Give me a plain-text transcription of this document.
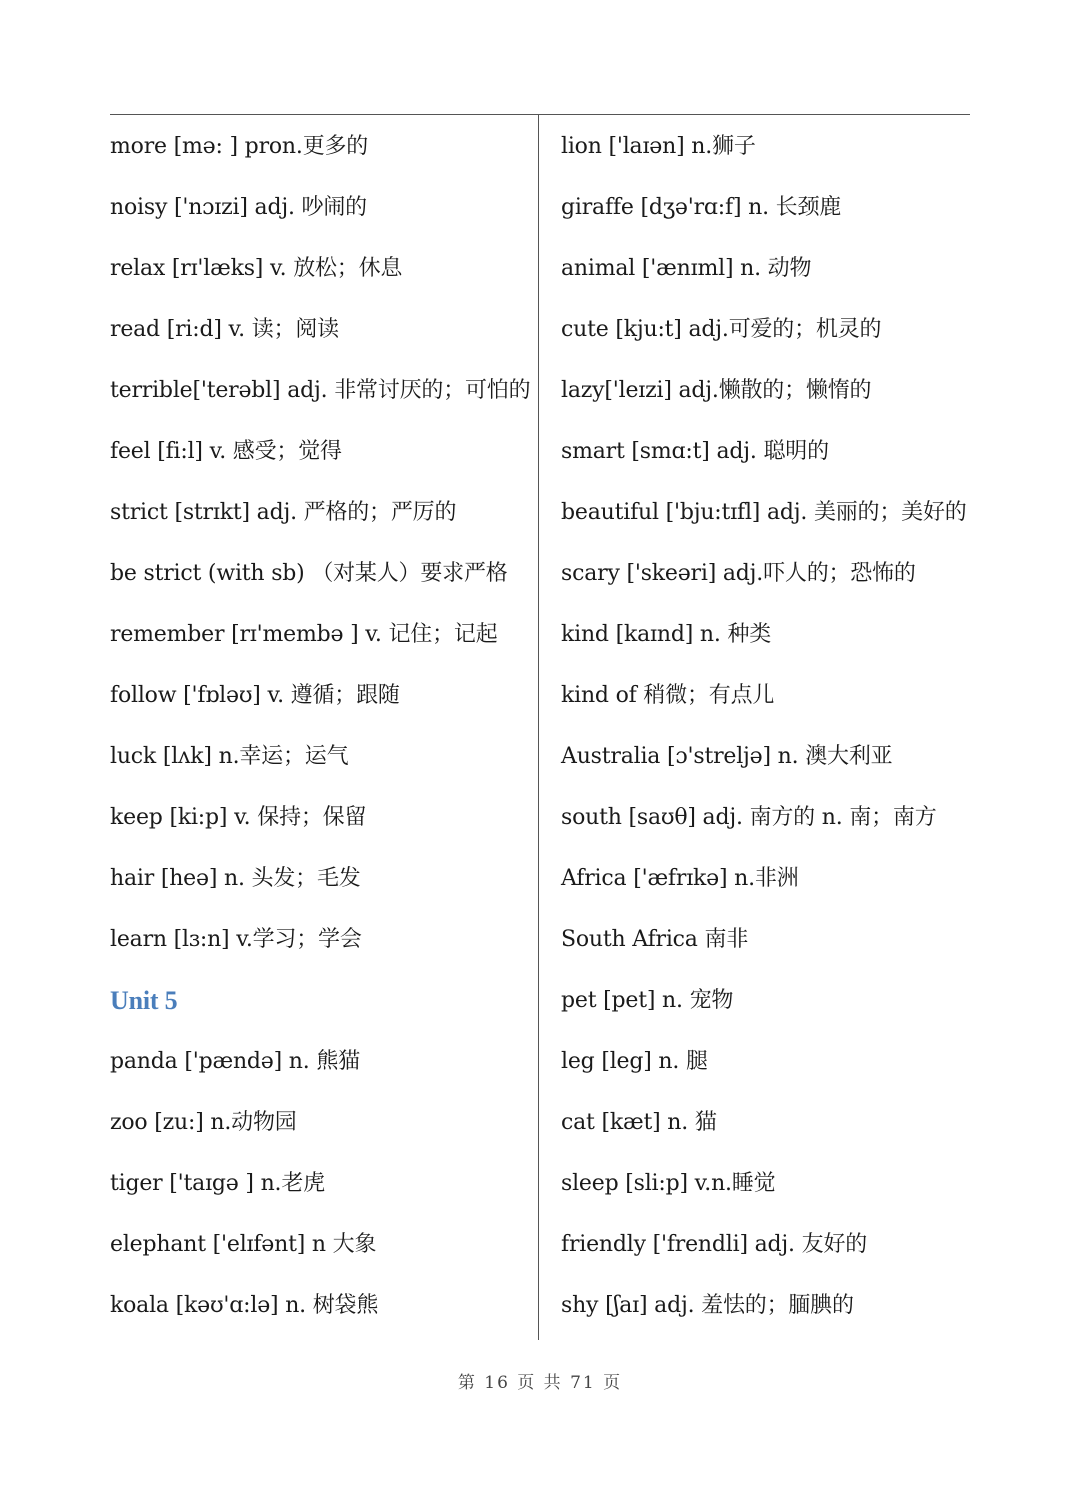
more [mə: ] pron.更多的
noisy ['nɔɪzi] adj. 吵闹的
relax [rɪ'læks] v. 放松；休息
read [ri:d] v. 读；阅读
terrible['terəbl] adj. 非常讨厌的；可怕的
feel [fi:l] v. 感受；觉得
strict [strɪkt] adj. 严格的；严厉的
be strict (with sb) （对某人）要求严格
remember [rɪ'membə ] v. 记住；记起
follow ['fɒləʊ] v. 遵循；跟随
luck [lʌk] n.幸运；运气
keep [ki:p] v. 保持；保留
hair [heə] n. 头发；毛发
learn [lɜ:n] v.学习；学会
Unit 5
panda ['pændə] n. 熊猫
zoo [zu:] n.动物园
tiger ['taɪgə ] n.老虎
elephant ['elɪfənt] n 大象
koala [kəʊ'ɑ:lə] n. 树袋熊
lion ['laɪən] n.狮子
giraffe [dʒə'rɑ:f] n. 长颈鹿
animal ['ænɪml] n. 动物
cute [kju:t] adj.可爱的；机灵的
lazy['leɪzi] adj.懒散的；懒惰的
smart [smɑ:t] adj. 聪明的
beautiful ['bju:tɪfl] adj. 美丽的；美好的
scary ['skeəri] adj.吓人的；恐怖的
kind [kaɪnd] n. 种类
kind of 稍微；有点儿
Australia [ɔ'streljə] n. 澳大利亚
south [saʊθ] adj. 南方的 n. 南；南方
Africa ['æfrɪkə] n.非洲
South Africa 南非
pet [pet] n. 宠物
leg [leg] n. 腿
cat [kæt] n. 猫
sleep [sli:p] v.n.睡觉
friendly ['frendli] adj. 友好的
shy [ʃaɪ] adj. 羞怯的；腼腆的
第 16 页 共 71 页
